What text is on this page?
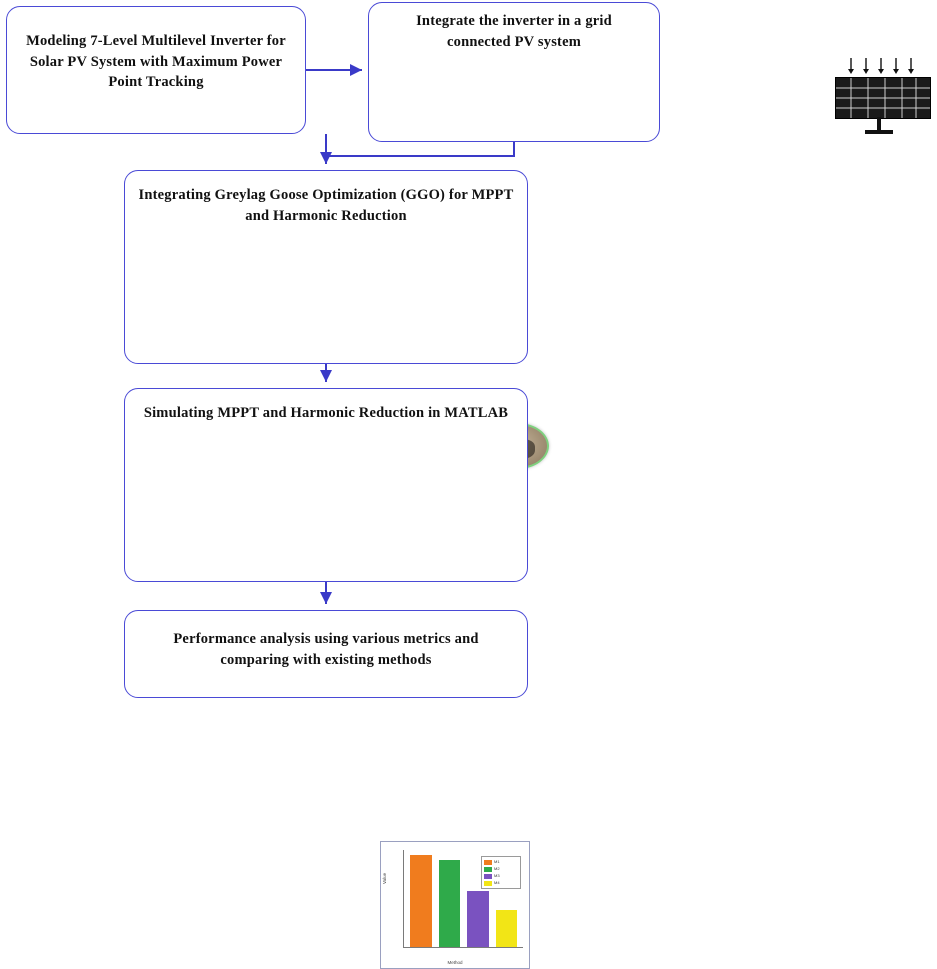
Modeling 7-Level Multilevel Inverter for Solar PV System with Maximum Power Point Tracking
Integrate the inverter in a grid connected PV system
Integrating Greylag Goose Optimization (GGO) for MPPT and Harmonic Reduction
Simulating MPPT and Harmonic Reduction in MATLAB
Value
M1
M2
M3
M4
Method
Performance analysis using various metrics and comparing with existing methods
